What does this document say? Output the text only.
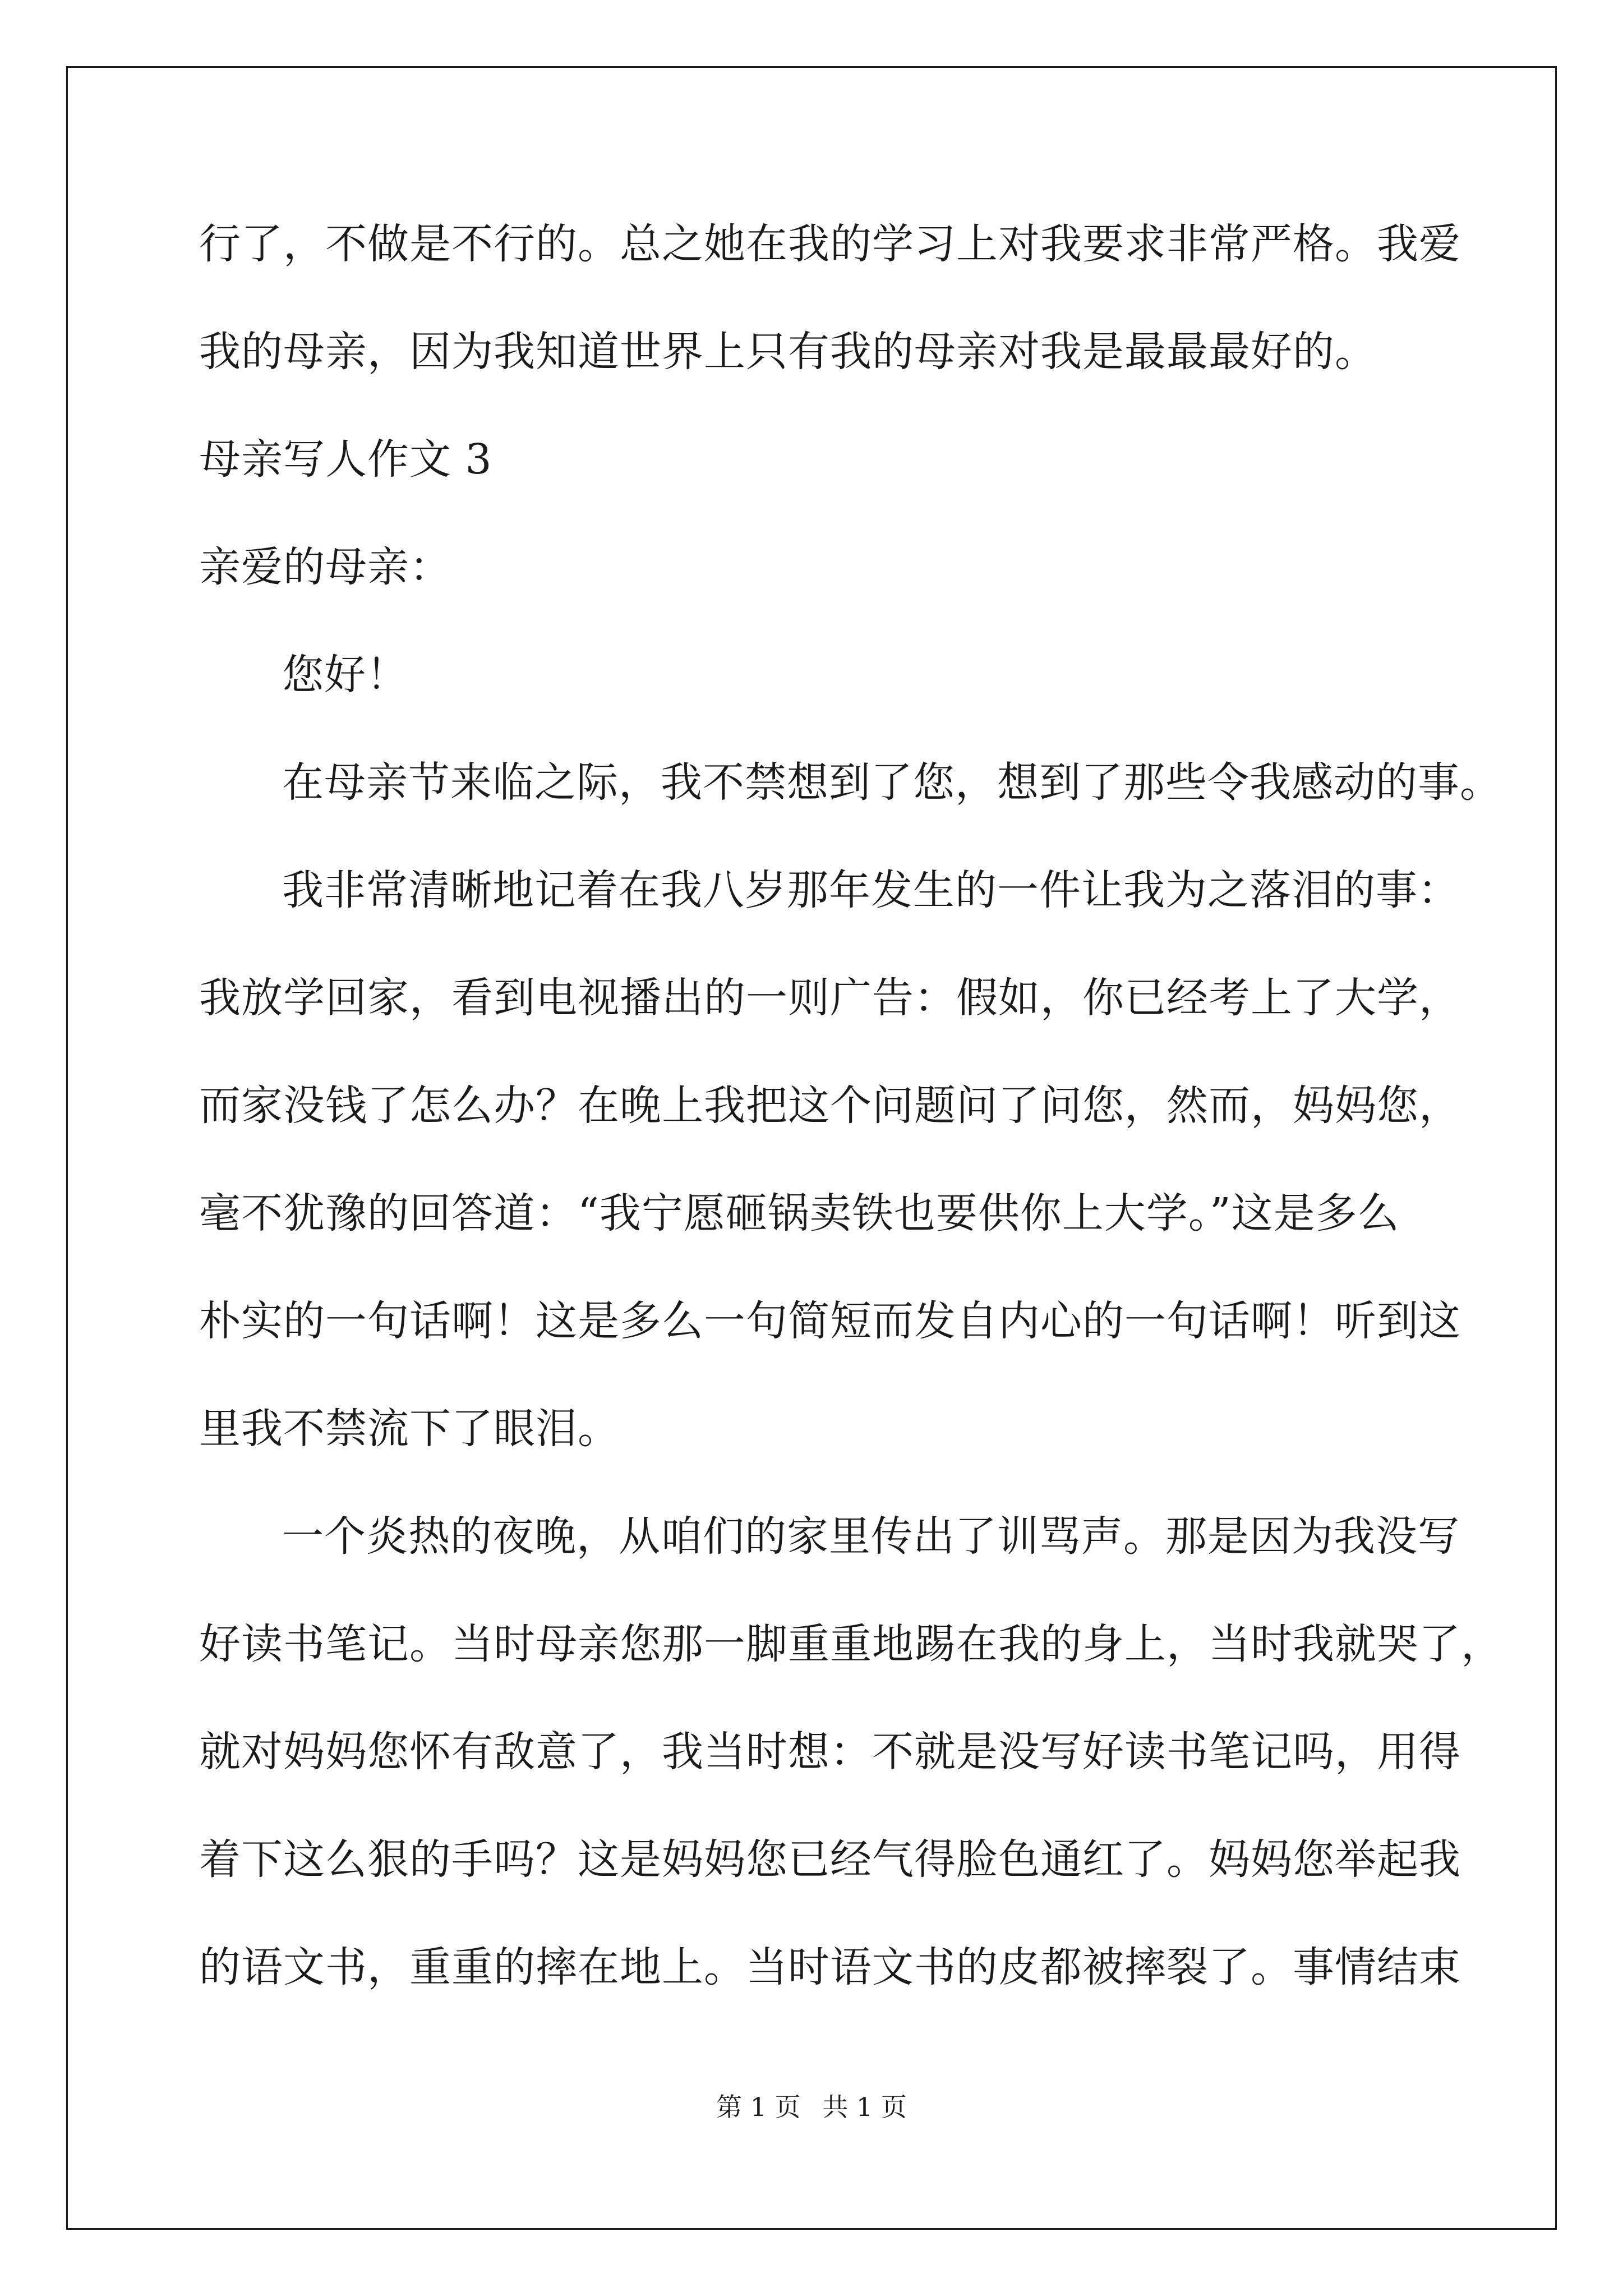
行了，不做是不行的。总之她在我的学习上对我要求非常严格。我爱
我的母亲，因为我知道世界上只有我的母亲对我是最最最好的。
母亲写人作文 3
亲爱的母亲：
您好！
在母亲节来临之际，我不禁想到了您，想到了那些令我感动的事。
我非常清晰地记着在我八岁那年发生的一件让我为之落泪的事：
我放学回家，看到电视播出的一则广告：假如，你已经考上了大学，
而家没钱了怎么办？在晚上我把这个问题问了问您，然而，妈妈您，
毫不犹豫的回答道：“我宁愿砸锅卖铁也要供你上大学。”这是多么
朴实的一句话啊！这是多么一句简短而发自内心的一句话啊！听到这
里我不禁流下了眼泪。
一个炎热的夜晚，从咱们的家里传出了训骂声。那是因为我没写
好读书笔记。当时母亲您那一脚重重地踢在我的身上，当时我就哭了，
就对妈妈您怀有敌意了，我当时想：不就是没写好读书笔记吗，用得
着下这么狠的手吗？这是妈妈您已经气得脸色通红了。妈妈您举起我
的语文书，重重的摔在地上。当时语文书的皮都被摔裂了。事情结束
第 1 页 共 1 页
